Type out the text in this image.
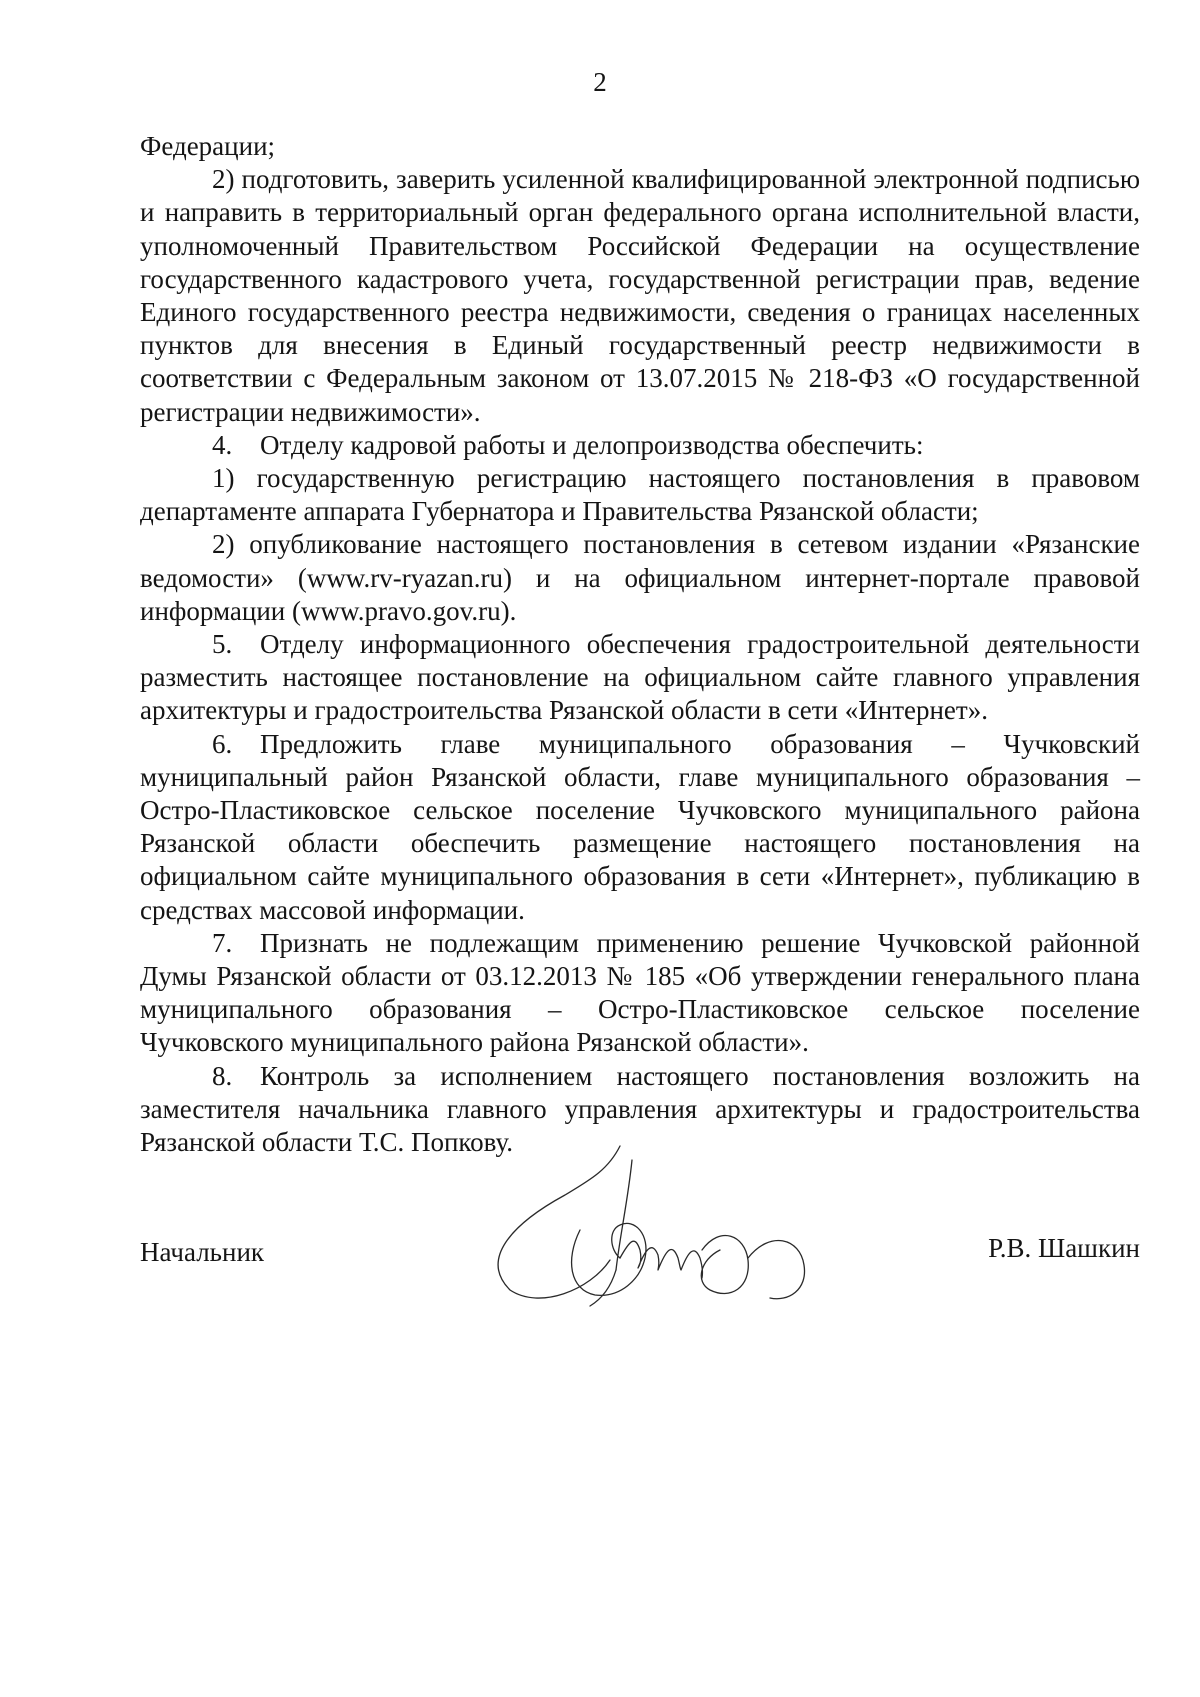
2

Федерации;

2) подготовить, заверить усиленной квалифицированной электронной подписью и направить в территориальный орган федерального органа исполнительной власти, уполномоченный Правительством Российской Федерации на осуществление государственного кадастрового учета, государственной регистрации прав, ведение Единого государственного реестра недвижимости, сведения о границах населенных пунктов для внесения в Единый государственный реестр недвижимости в соответствии с Федеральным законом от 13.07.2015 № 218-ФЗ «О государственной регистрации недвижимости».

4. Отделу кадровой работы и делопроизводства обеспечить:

1) государственную регистрацию настоящего постановления в правовом департаменте аппарата Губернатора и Правительства Рязанской области;

2) опубликование настоящего постановления в сетевом издании «Рязанские ведомости» (www.rv-ryazan.ru) и на официальном интернет-портале правовой информации (www.pravo.gov.ru).

5. Отделу информационного обеспечения градостроительной деятельности разместить настоящее постановление на официальном сайте главного управления архитектуры и градостроительства Рязанской области в сети «Интернет».

6. Предложить главе муниципального образования – Чучковский муниципальный район Рязанской области, главе муниципального образования – Остро-Пластиковское сельское поселение Чучковского муниципального района Рязанской области обеспечить размещение настоящего постановления на официальном сайте муниципального образования в сети «Интернет», публикацию в средствах массовой информации.

7. Признать не подлежащим применению решение Чучковской районной Думы Рязанской области от 03.12.2013 № 185 «Об утверждении генерального плана муниципального образования – Остро-Пластиковское сельское поселение Чучковского муниципального района Рязанской области».

8. Контроль за исполнением настоящего постановления возложить на заместителя начальника главного управления архитектуры и градостроительства Рязанской области Т.С. Попкову.

Начальник	Р.В. Шашкин
